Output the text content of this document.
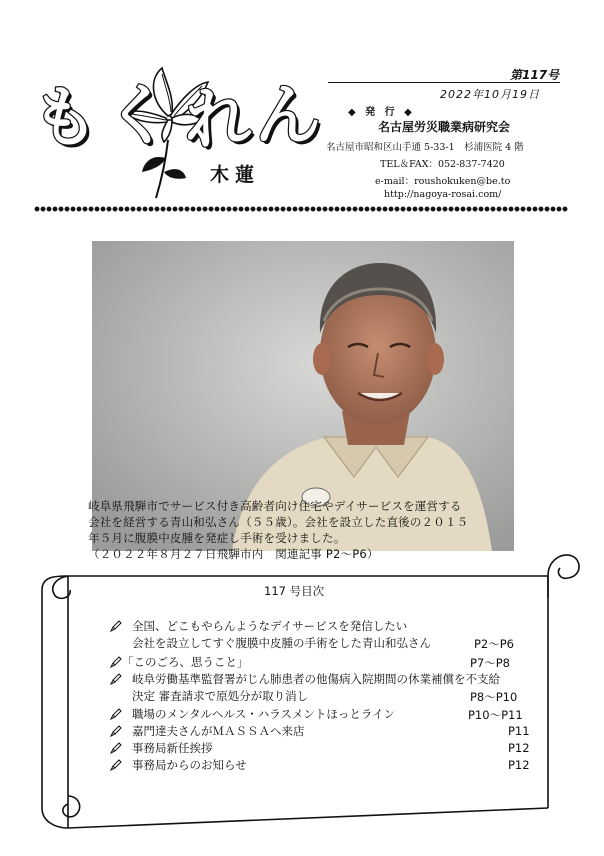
も く れ ん
木蓮
第117号
2022年10月19日
◆ 発 行 ◆
名古屋労災職業病研究会
名古屋市昭和区山手通 5-33-1　杉浦医院 4 階
TEL＆FAX：052-837-7420
e-mail：roushokuken@be.to
http://nagoya-rosai.com/
岐阜県飛騨市でサービス付き高齢者向け住宅やデイサービスを運営する
会社を経営する青山和弘さん（５５歳）。会社を設立した直後の２０１５
年５月に腹膜中皮腫を発症し手術を受けました。
（２０２２年８月２７日飛騨市内　関連記事 P2～P6）
117 号目次
全国、どこもやらんようなデイサービスを発信したい
会社を設立してすぐ腹膜中皮腫の手術をした青山和弘さん	P2～P6
「このごろ、思うこと」	P7～P8
岐阜労働基準監督署がじん肺患者の他傷病入院期間の休業補償を不支給
決定 審査請求で原処分が取り消し	P8～P10
職場のメンタルヘルス・ハラスメントほっとライン	P10～P11
嘉門達夫さんがＭＡＳＳＡへ来店	P11
事務局新任挨拶	P12
事務局からのお知らせ	P12
